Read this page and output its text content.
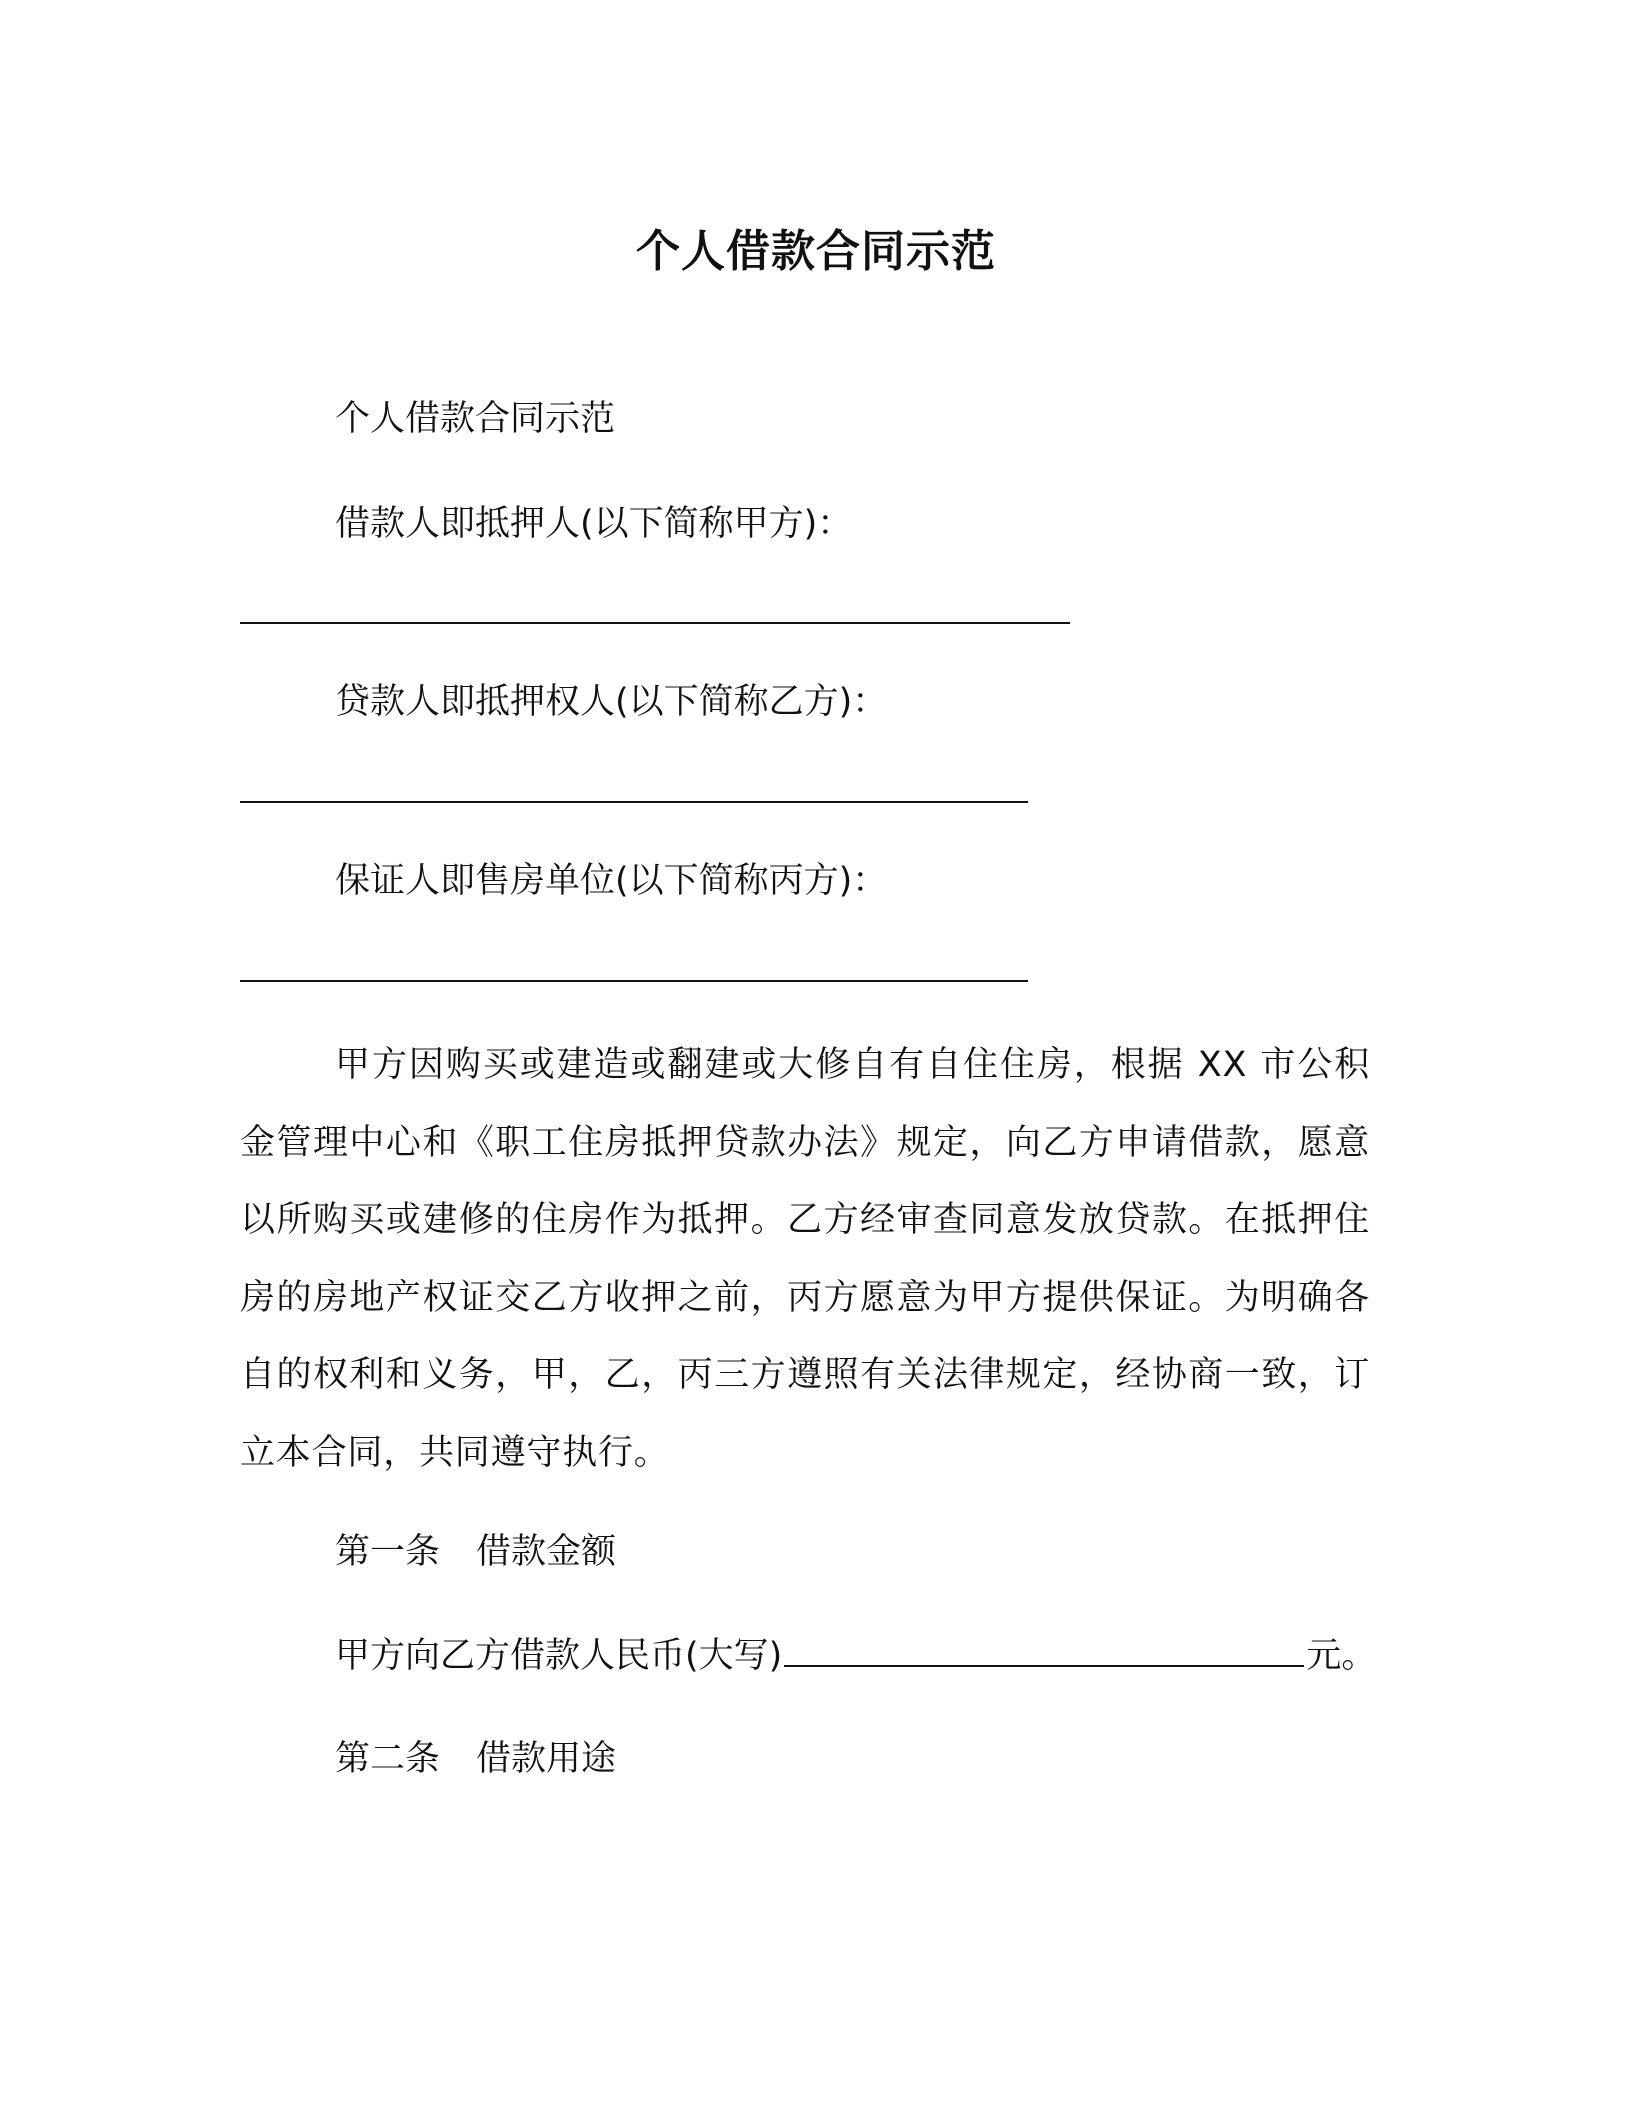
个人借款合同示范
个人借款合同示范
借款人即抵押人(以下简称甲方)：
贷款人即抵押权人(以下简称乙方)：
保证人即售房单位(以下简称丙方)：
甲方因购买或建造或翻建或大修自有自住住房，根据 XX 市公积金管理中心和《职工住房抵押贷款办法》规定，向乙方申请借款，愿意以所购买或建修的住房作为抵押。乙方经审查同意发放贷款。在抵押住房的房地产权证交乙方收押之前，丙方愿意为甲方提供保证。为明确各自的权利和义务，甲，乙，丙三方遵照有关法律规定，经协商一致，订立本合同，共同遵守执行。
第一条 借款金额
甲方向乙方借款人民币(大写)	元。
第二条 借款用途
